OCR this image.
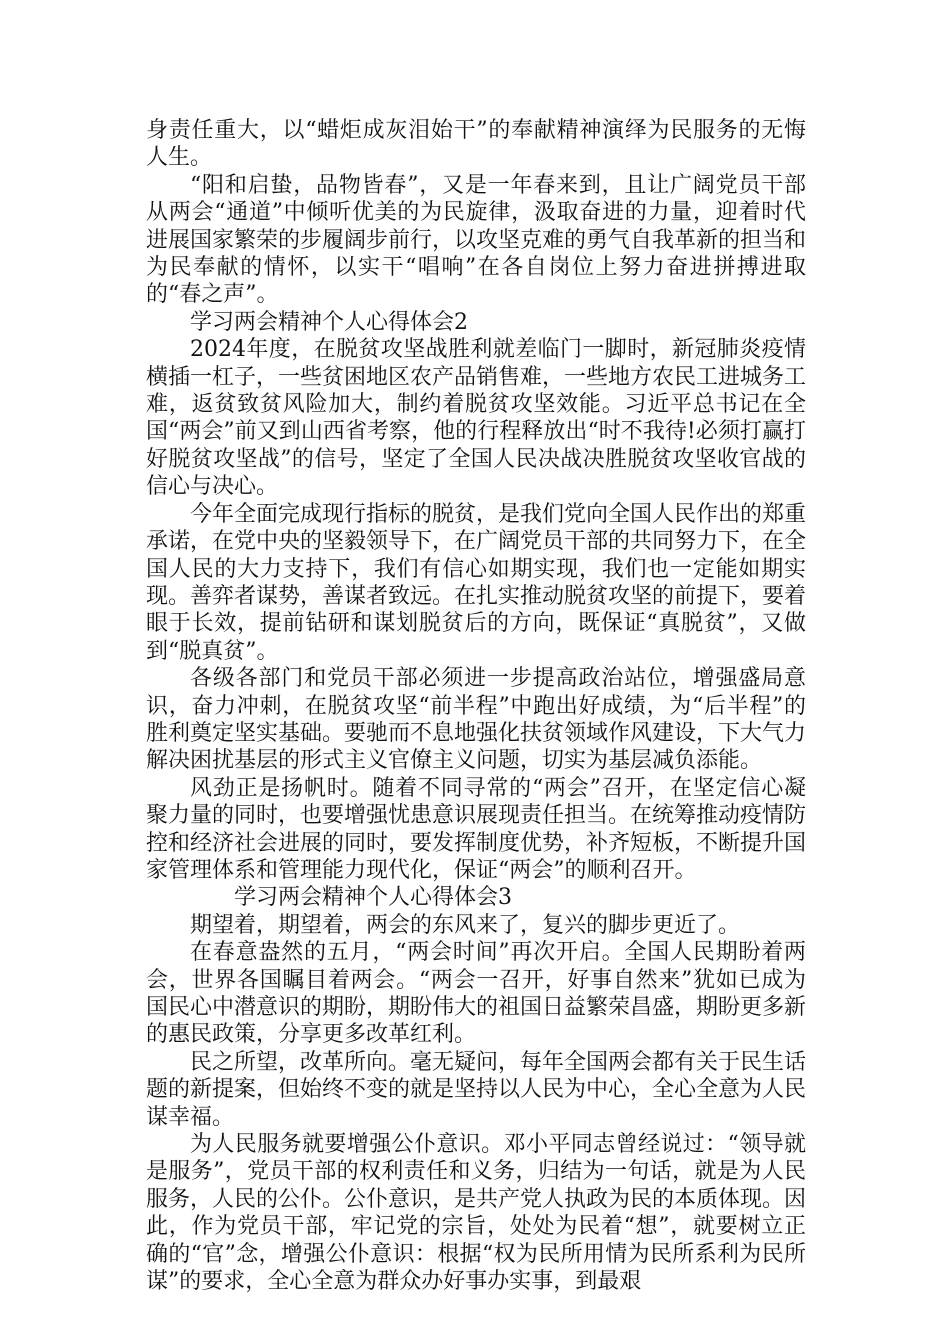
身责任重大，以“蜡炬成灰泪始干”的奉献精神演绎为民服务的无悔人生。

“阳和启蛰，品物皆春”，又是一年春来到，且让广阔党员干部从两会“通道”中倾听优美的为民旋律，汲取奋进的力量，迎着时代进展国家繁荣的步履阔步前行，以攻坚克难的勇气自我革新的担当和为民奉献的情怀，以实干“唱响”在各自岗位上努力奋进拼搏进取的“春之声”。

学习两会精神个人心得体会2

2024年度，在脱贫攻坚战胜利就差临门一脚时，新冠肺炎疫情横插一杠子，一些贫困地区农产品销售难，一些地方农民工进城务工难，返贫致贫风险加大，制约着脱贫攻坚效能。习近平总书记在全国“两会”前又到山西省考察，他的行程释放出“时不我待!必须打赢打好脱贫攻坚战”的信号，坚定了全国人民决战决胜脱贫攻坚收官战的信心与决心。

今年全面完成现行指标的脱贫，是我们党向全国人民作出的郑重承诺，在党中央的坚毅领导下，在广阔党员干部的共同努力下，在全国人民的大力支持下，我们有信心如期实现，我们也一定能如期实现。善弈者谋势，善谋者致远。在扎实推动脱贫攻坚的前提下，要着眼于长效，提前钻研和谋划脱贫后的方向，既保证“真脱贫”，又做到“脱真贫”。

各级各部门和党员干部必须进一步提高政治站位，增强盛局意识，奋力冲刺，在脱贫攻坚“前半程”中跑出好成绩，为“后半程”的胜利奠定坚实基础。要驰而不息地强化扶贫领域作风建设，下大气力解决困扰基层的形式主义官僚主义问题，切实为基层减负添能。

风劲正是扬帆时。随着不同寻常的“两会”召开，在坚定信心凝聚力量的同时，也要增强忧患意识展现责任担当。在统筹推动疫情防控和经济社会进展的同时，要发挥制度优势，补齐短板，不断提升国家管理体系和管理能力现代化，保证“两会”的顺利召开。

学习两会精神个人心得体会3

期望着，期望着，两会的东风来了，复兴的脚步更近了。

在春意盎然的五月，“两会时间”再次开启。全国人民期盼着两会，世界各国瞩目着两会。“两会一召开，好事自然来”犹如已成为国民心中潜意识的期盼，期盼伟大的祖国日益繁荣昌盛，期盼更多新的惠民政策，分享更多改革红利。

民之所望，改革所向。毫无疑问，每年全国两会都有关于民生话题的新提案，但始终不变的就是坚持以人民为中心，全心全意为人民谋幸福。

为人民服务就要增强公仆意识。邓小平同志曾经说过：“领导就是服务”，党员干部的权利责任和义务，归结为一句话，就是为人民服务，人民的公仆。公仆意识，是共产党人执政为民的本质体现。因此，作为党员干部，牢记党的宗旨，处处为民着“想”，就要树立正确的“官”念，增强公仆意识：根据“权为民所用情为民所系利为民所谋”的要求，全心全意为群众办好事办实事，到最艰
